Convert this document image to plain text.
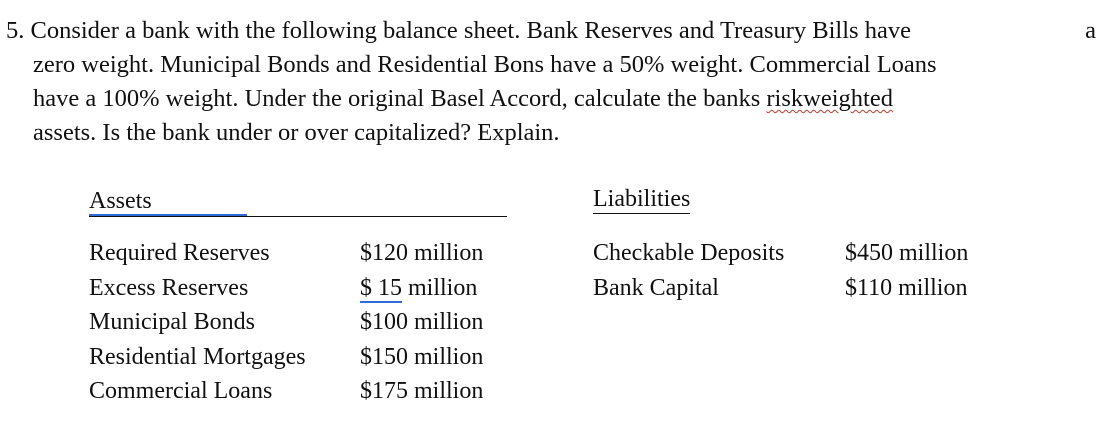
5. Consider a bank with the following balance sheet. Bank Reserves and Treasury Bills have	a
zero weight. Municipal Bonds and Residential Bons have a 50% weight. Commercial Loans
have a 100% weight. Under the original Basel Accord, calculate the banks riskweighted
assets. Is the bank under or over capitalized? Explain.
Assets	Liabilities
Required Reserves	$120 million
Excess Reserves	$ 15 million
Municipal Bonds	$100 million
Residential Mortgages	$150 million
Commercial Loans	$175 million
Checkable Deposits	$450 million
Bank Capital	$110 million
